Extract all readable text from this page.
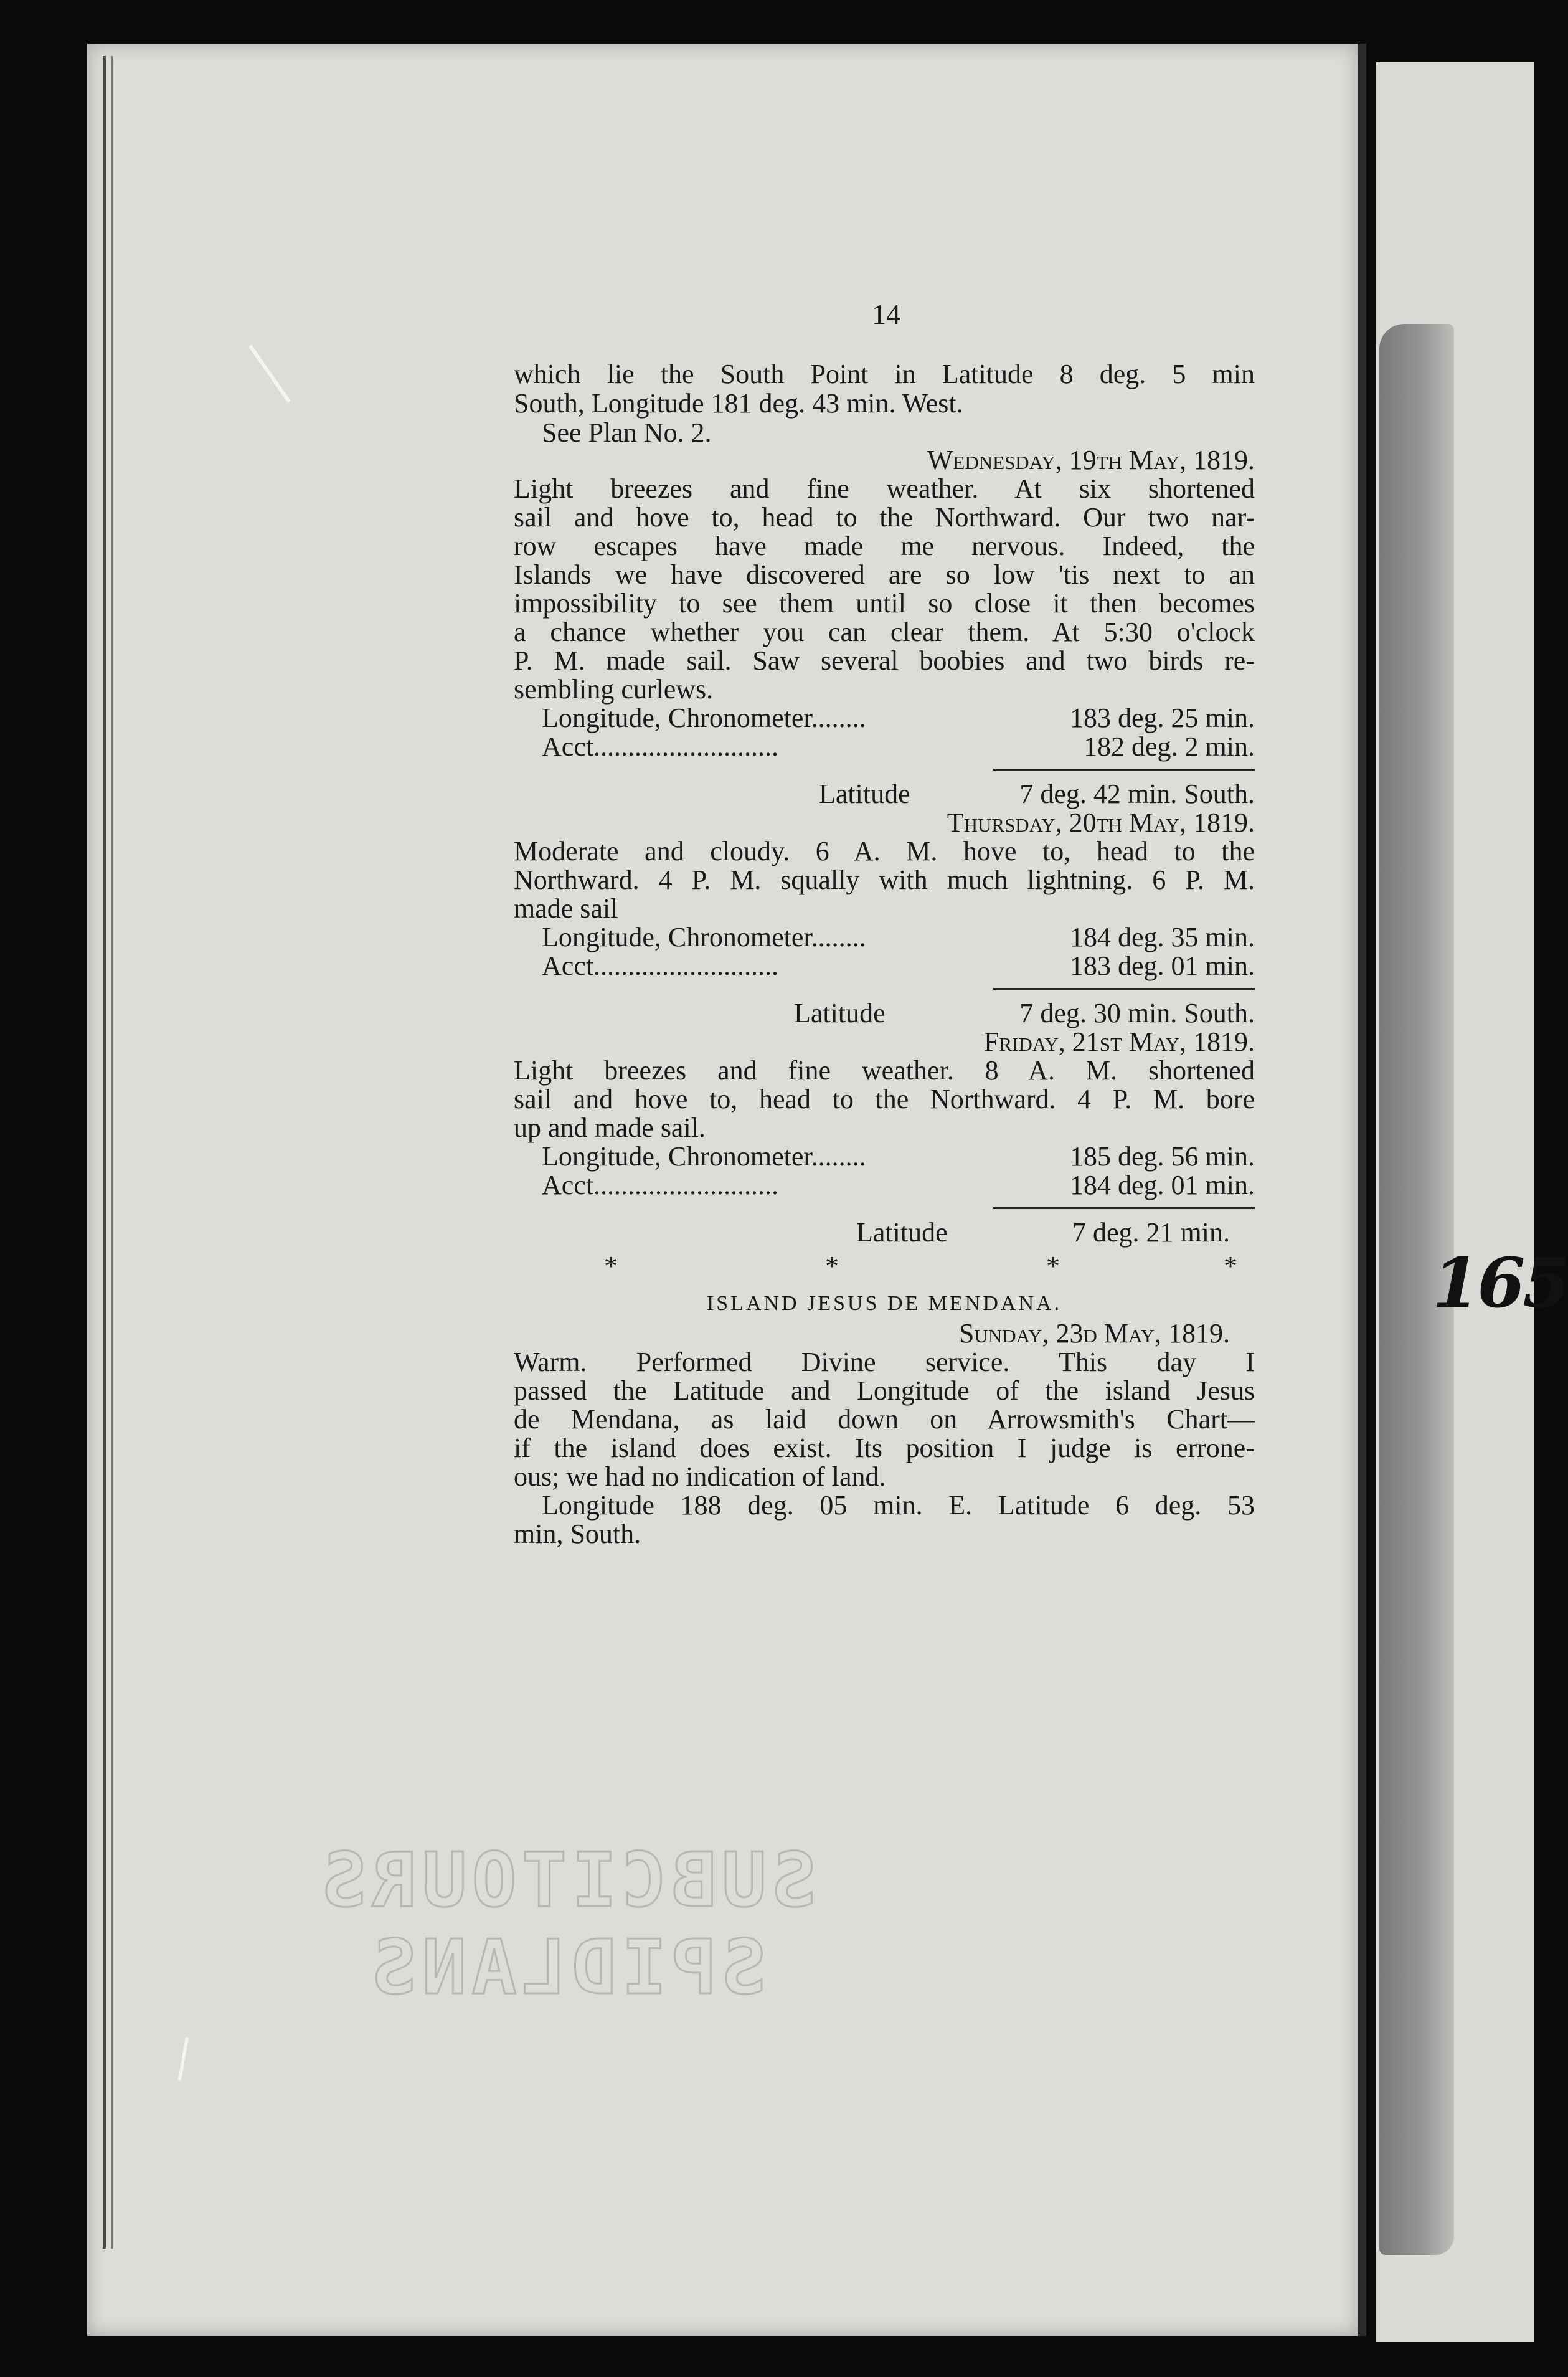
165
SUBCITOURS
SPIDLANS
14
which lie the South Point in Latitude 8 deg. 5 min
South, Longitude 181 deg. 43 min. West.
See Plan No. 2.
Wednesday, 19th May, 1819.
Light breezes and fine weather. At six shortened
sail and hove to, head to the Northward. Our two nar-
row escapes have made me nervous. Indeed, the
Islands we have discovered are so low 'tis next to an
impossibility to see them until so close it then becomes
a chance whether you can clear them. At 5:30 o'clock
P. M. made sail. Saw several boobies and two birds re-
sembling curlews.
Longitude, Chronometer........	183 deg. 25 min.
Acct...........................	182 deg. 2 min.
Latitude	7 deg. 42 min. South.
Thursday, 20th May, 1819.
Moderate and cloudy. 6 A. M. hove to, head to the
Northward. 4 P. M. squally with much lightning. 6 P. M.
made sail
Longitude, Chronometer........	184 deg. 35 min.
Acct...........................	183 deg. 01 min.
Latitude	7 deg. 30 min. South.
Friday, 21st May, 1819.
Light breezes and fine weather. 8 A. M. shortened
sail and hove to, head to the Northward. 4 P. M. bore
up and made sail.
Longitude, Chronometer........	185 deg. 56 min.
Acct...........................	184 deg. 01 min.
Latitude	7 deg. 21 min.
*	*	*	*
ISLAND JESUS DE MENDANA.
Sunday, 23d May, 1819.
Warm. Performed Divine service. This day I
passed the Latitude and Longitude of the island Jesus
de Mendana, as laid down on Arrowsmith's Chart—
if the island does exist. Its position I judge is errone-
ous; we had no indication of land.
Longitude 188 deg. 05 min. E. Latitude 6 deg. 53
min, South.
